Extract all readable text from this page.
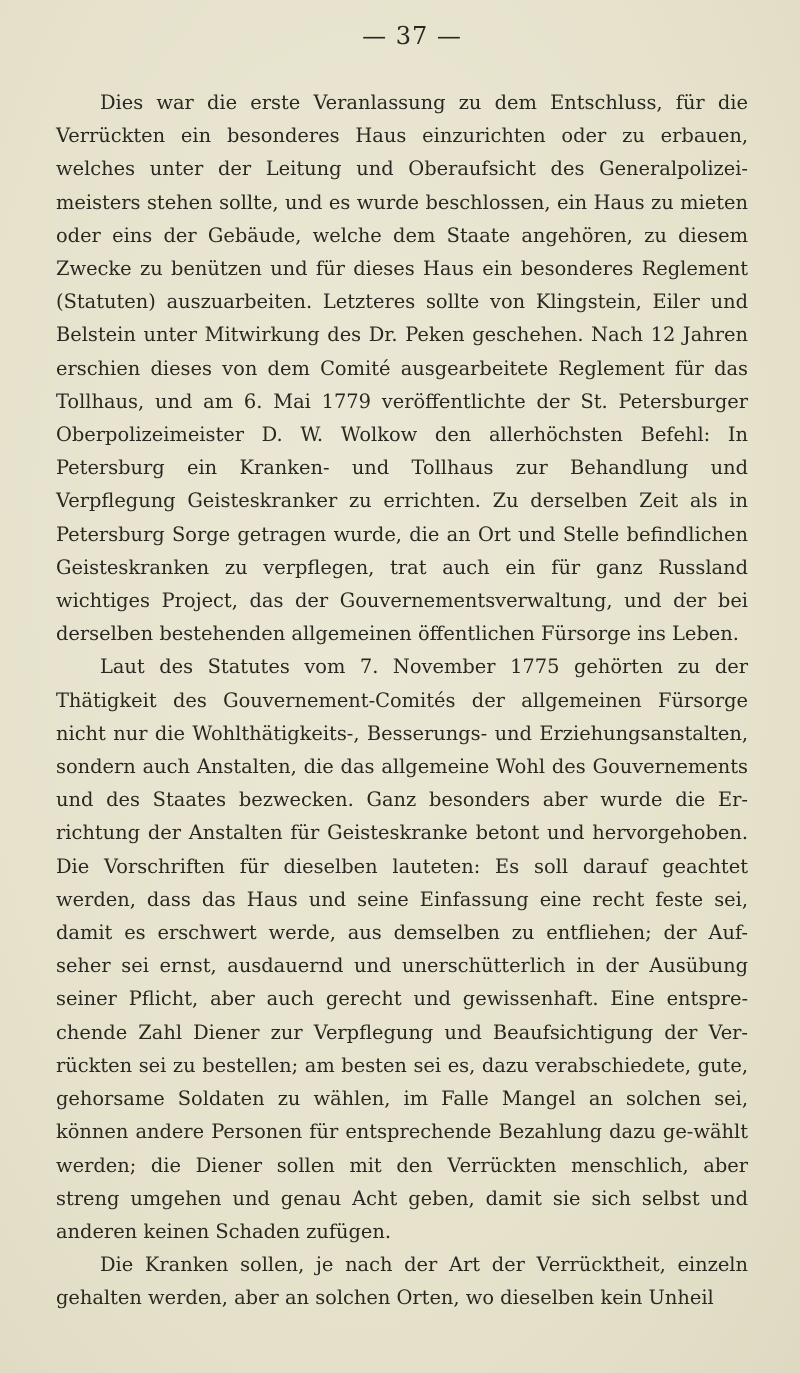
— 37 —

Dies war die erste Veranlassung zu dem Entschluss, für die Verrückten ein besonderes Haus einzurichten oder zu erbauen, welches unter der Leitung und Oberaufsicht des Generalpolizei-meisters stehen sollte, und es wurde beschlossen, ein Haus zu mieten oder eins der Gebäude, welche dem Staate angehören, zu diesem Zwecke zu benützen und für dieses Haus ein besonderes Reglement (Statuten) auszuarbeiten. Letzteres sollte von Klingstein, Eiler und Belstein unter Mitwirkung des Dr. Peken geschehen. Nach 12 Jahren erschien dieses von dem Comité ausgearbeitete Reglement für das Tollhaus, und am 6. Mai 1779 veröffentlichte der St. Petersburger Oberpolizeimeister D. W. Wolkow den allerhöchsten Befehl: In Petersburg ein Kranken- und Tollhaus zur Behandlung und Verpflegung Geisteskranker zu errichten. Zu derselben Zeit als in Petersburg Sorge getragen wurde, die an Ort und Stelle befindlichen Geisteskranken zu verpflegen, trat auch ein für ganz Russland wichtiges Project, das der Gouvernementsverwaltung, und der bei derselben bestehenden allgemeinen öffentlichen Fürsorge ins Leben.

Laut des Statutes vom 7. November 1775 gehörten zu der Thätigkeit des Gouvernement-Comités der allgemeinen Fürsorge nicht nur die Wohlthätigkeits-, Besserungs- und Erziehungsanstalten, sondern auch Anstalten, die das allgemeine Wohl des Gouvernements und des Staates bezwecken. Ganz besonders aber wurde die Er-richtung der Anstalten für Geisteskranke betont und hervorgehoben. Die Vorschriften für dieselben lauteten: Es soll darauf geachtet werden, dass das Haus und seine Einfassung eine recht feste sei, damit es erschwert werde, aus demselben zu entfliehen; der Auf-seher sei ernst, ausdauernd und unerschütterlich in der Ausübung seiner Pflicht, aber auch gerecht und gewissenhaft. Eine entspre-chende Zahl Diener zur Verpflegung und Beaufsichtigung der Ver-rückten sei zu bestellen; am besten sei es, dazu verabschiedete, gute, gehorsame Soldaten zu wählen, im Falle Mangel an solchen sei, können andere Personen für entsprechende Bezahlung dazu ge-wählt werden; die Diener sollen mit den Verrückten menschlich, aber streng umgehen und genau Acht geben, damit sie sich selbst und anderen keinen Schaden zufügen.

Die Kranken sollen, je nach der Art der Verrücktheit, einzeln gehalten werden, aber an solchen Orten, wo dieselben kein Unheil
